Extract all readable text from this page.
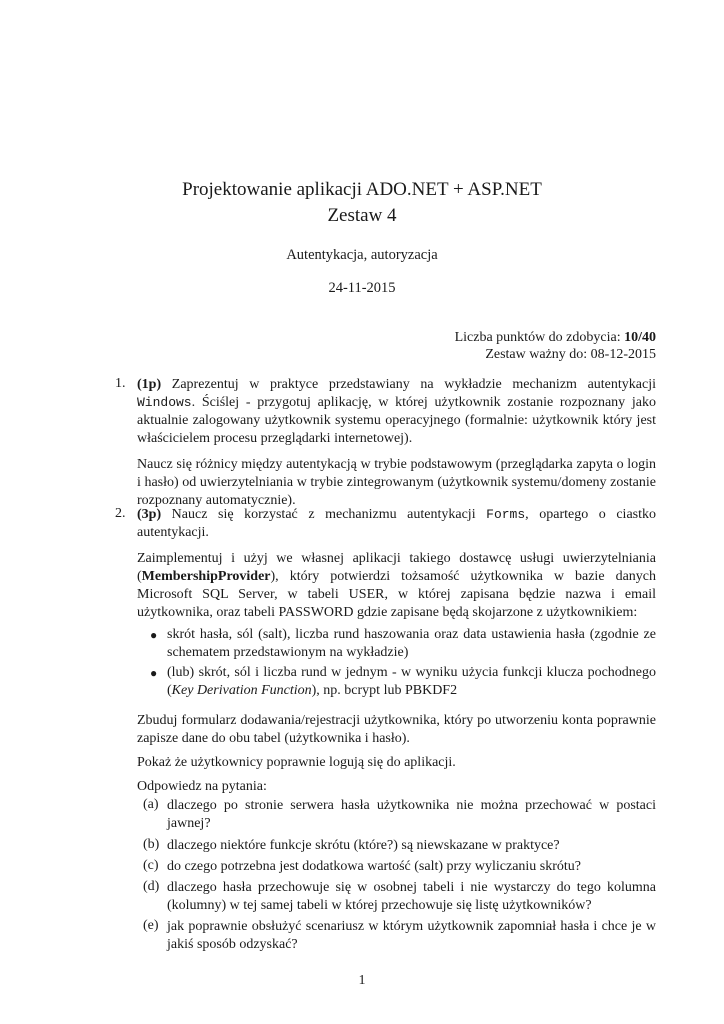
Projektowanie aplikacji ADO.NET + ASP.NET
Zestaw 4
Autentykacja, autoryzacja
24-11-2015
Liczba punktów do zdobycia: 10/40
Zestaw ważny do: 08-12-2015
1. (1p) Zaprezentuj w praktyce przedstawiany na wykładzie mechanizm autentykacji Windows. Ściślej - przygotuj aplikację, w której użytkownik zostanie rozpoznany jako aktualnie zalogowany użytkownik systemu operacyjnego (formalnie: użytkownik który jest właścicielem procesu przeglądarki internetowej).

Naucz się różnicy między autentykacją w trybie podstawowym (przeglądarka zapyta o login i hasło) od uwierzytelniania w trybie zintegrowanym (użytkownik systemu/domeny zostanie rozpoznany automatycznie).

2. (3p) Naucz się korzystać z mechanizmu autentykacji Forms, opartego o ciastko autentykacji.

Zaimplementuj i użyj we własnej aplikacji takiego dostawcę usługi uwierzytelniania (MembershipProvider), który potwierdzi tożsamość użytkownika w bazie danych Microsoft SQL Server, w tabeli USER, w której zapisana będzie nazwa i email użytkownika, oraz tabeli PASSWORD gdzie zapisane będą skojarzone z użytkownikiem:

● skrót hasła, sól (salt), liczba rund haszowania oraz data ustawienia hasła (zgodnie ze schematem przedstawionym na wykładzie)
● (lub) skrót, sól i liczba rund w jednym - w wyniku użycia funkcji klucza pochodnego (Key Derivation Function), np. bcrypt lub PBKDF2

Zbuduj formularz dodawania/rejestracji użytkownika, który po utworzeniu konta poprawnie zapisze dane do obu tabel (użytkownika i hasło).

Pokaż że użytkownicy poprawnie logują się do aplikacji.

Odpowiedz na pytania:

(a) dlaczego po stronie serwera hasła użytkownika nie można przechować w postaci jawnej?
(b) dlaczego niektóre funkcje skrótu (które?) są niewskazane w praktyce?
(c) do czego potrzebna jest dodatkowa wartość (salt) przy wyliczaniu skrótu?
(d) dlaczego hasła przechowuje się w osobnej tabeli i nie wystarczy do tego kolumna (kolumny) w tej samej tabeli w której przechowuje się listę użytkowników?
(e) jak poprawnie obsłużyć scenariusz w którym użytkownik zapomniał hasła i chce je w jakiś sposób odzyskać?
1
